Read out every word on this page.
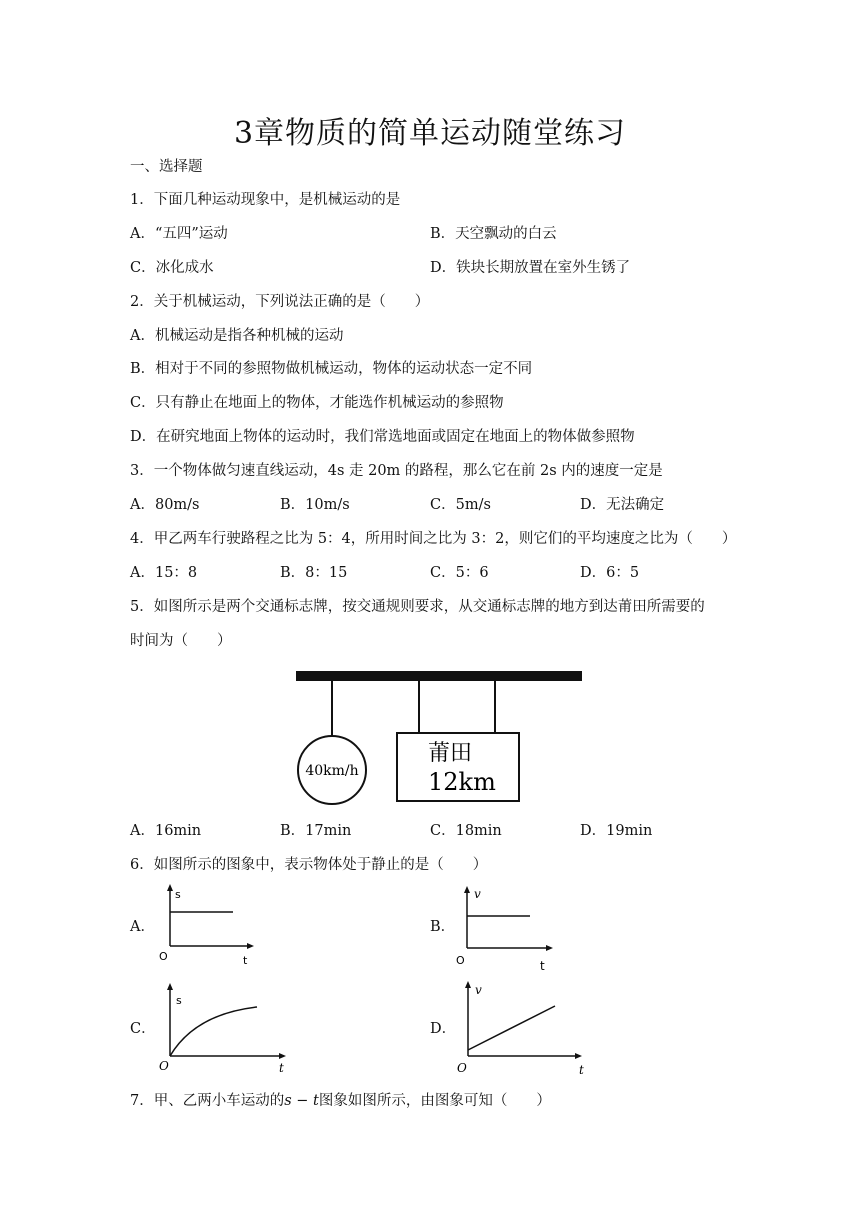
3章物质的简单运动随堂练习
一、选择题
1．下面几种运动现象中，是机械运动的是
A．“五四”运动	B．天空飘动的白云
C．冰化成水	D．铁块长期放置在室外生锈了
2．关于机械运动，下列说法正确的是（　　）
A．机械运动是指各种机械的运动
B．相对于不同的参照物做机械运动，物体的运动状态一定不同
C．只有静止在地面上的物体，才能选作机械运动的参照物
D．在研究地面上物体的运动时，我们常选地面或固定在地面上的物体做参照物
3．一个物体做匀速直线运动，4s 走 20m 的路程，那么它在前 2s 内的速度一定是
A．80m/s	B．10m/s	C．5m/s	D．无法确定
4．甲乙两车行驶路程之比为 5：4，所用时间之比为 3：2，则它们的平均速度之比为（　　）
A．15：8	B．8：15	C．5：6	D．6：5
5．如图所示是两个交通标志牌，按交通规则要求，从交通标志牌的地方到达莆田所需要的
时间为（　　）
40km/h
莆田
12km
A．16min	B．17min	C．18min	D．19min
6．如图所示的图象中，表示物体处于静止的是（　　）
A．
s
t
O
B．
v
t
O
C．
s
t
O
D．
v
t
O
7．甲、乙两小车运动的s − t图象如图所示，由图象可知（　　）
